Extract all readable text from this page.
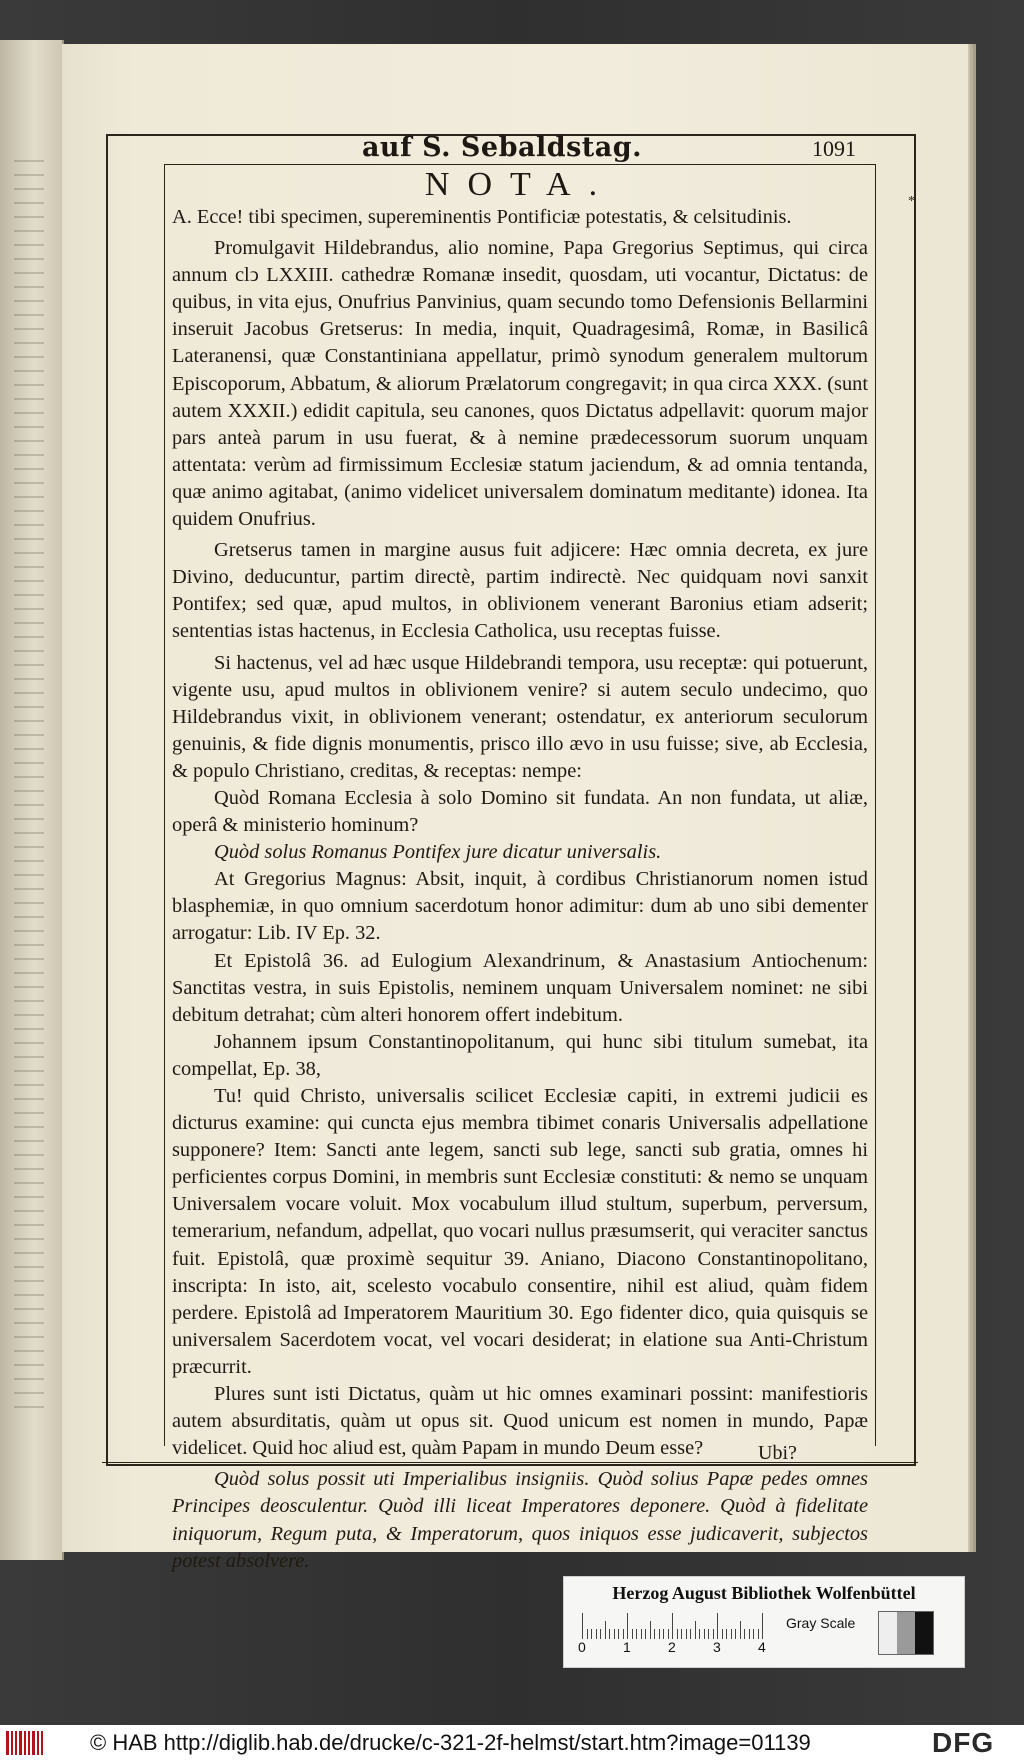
auf S. Sebaldstag.	1091
*
NOTA.

A. Ecce! tibi specimen, supereminentis Pontificiæ potestatis, & celsitudinis.

Promulgavit Hildebrandus, alio nomine, Papa Gregorius Septimus, qui circa annum clↄ LXXIII. cathedræ Romanæ insedit, quosdam, uti vocantur, Dictatus: de quibus, in vita ejus, Onufrius Panvinius, quam secundo tomo Defensionis Bellarmini inseruit Jacobus Gretserus: In media, inquit, Quadragesimâ, Romæ, in Basilicâ Lateranensi, quæ Constantiniana appellatur, primò synodum generalem multorum Episcoporum, Abbatum, & aliorum Prælatorum congregavit; in qua circa XXX. (sunt autem XXXII.) edidit capitula, seu canones, quos Dictatus adpellavit: quorum major pars anteà parum in usu fuerat, & à nemine prædecessorum suorum unquam attentata: verùm ad firmissimum Ecclesiæ statum jaciendum, & ad omnia tentanda, quæ animo agitabat, (animo videlicet universalem dominatum meditante) idonea. Ita quidem Onufrius.

Gretserus tamen in margine ausus fuit adjicere: Hæc omnia decreta, ex jure Divino, deducuntur, partim directè, partim indirectè. Nec quidquam novi sanxit Pontifex; sed quæ, apud multos, in oblivionem venerant Baronius etiam adserit; sententias istas hactenus, in Ecclesia Catholica, usu receptas fuisse.

Si hactenus, vel ad hæc usque Hildebrandi tempora, usu receptæ: qui potuerunt, vigente usu, apud multos in oblivionem venire? si autem seculo undecimo, quo Hildebrandus vixit, in oblivionem venerant; ostendatur, ex anteriorum seculorum genuinis, & fide dignis monumentis, prisco illo ævo in usu fuisse; sive, ab Ecclesia, & populo Christiano, creditas, & receptas: nempe:

Quòd Romana Ecclesia à solo Domino sit fundata. An non fundata, ut aliæ, operâ & ministerio hominum?

Quòd solus Romanus Pontifex jure dicatur universalis.

At Gregorius Magnus: Absit, inquit, à cordibus Christianorum nomen istud blasphemiæ, in quo omnium sacerdotum honor adimitur: dum ab uno sibi dementer arrogatur: Lib. IV Ep. 32.

Et Epistolâ 36. ad Eulogium Alexandrinum, & Anastasium Antiochenum: Sanctitas vestra, in suis Epistolis, neminem unquam Universalem nominet: ne sibi debitum detrahat; cùm alteri honorem offert indebitum.

Johannem ipsum Constantinopolitanum, qui hunc sibi titulum sumebat, ita compellat, Ep. 38,

Tu! quid Christo, universalis scilicet Ecclesiæ capiti, in extremi judicii es dicturus examine: qui cuncta ejus membra tibimet conaris Universalis adpellatione supponere? Item: Sancti ante legem, sancti sub lege, sancti sub gratia, omnes hi perficientes corpus Domini, in membris sunt Ecclesiæ constituti: & nemo se unquam Universalem vocare voluit. Mox vocabulum illud stultum, superbum, perversum, temerarium, nefandum, adpellat, quo vocari nullus præsumserit, qui veraciter sanctus fuit. Epistolâ, quæ proximè sequitur 39. Aniano, Diacono Constantinopolitano, inscripta: In isto, ait, scelesto vocabulo consentire, nihil est aliud, quàm fidem perdere. Epistolâ ad Imperatorem Mauritium 30. Ego fidenter dico, quia quisquis se universalem Sacerdotem vocat, vel vocari desiderat; in elatione sua Anti-Christum præcurrit.

Plures sunt isti Dictatus, quàm ut hic omnes examinari possint: manifestioris autem absurditatis, quàm ut opus sit. Quod unicum est nomen in mundo, Papæ videlicet. Quid hoc aliud est, quàm Papam in mundo Deum esse?

Quòd solus possit uti Imperialibus insigniis. Quòd solius Papæ pedes omnes Principes deosculentur. Quòd illi liceat Imperatores deponere. Quòd à fidelitate iniquorum, Regum puta, & Imperatorum, quos iniquos esse judicaverit, subjectos potest absolvere.

Ubi?
Herzog August Bibliothek Wolfenbüttel
0	1	2	3	4
Gray Scale
© HAB http://diglib.hab.de/drucke/c-321-2f-helmst/start.htm?image=01139	DFG
